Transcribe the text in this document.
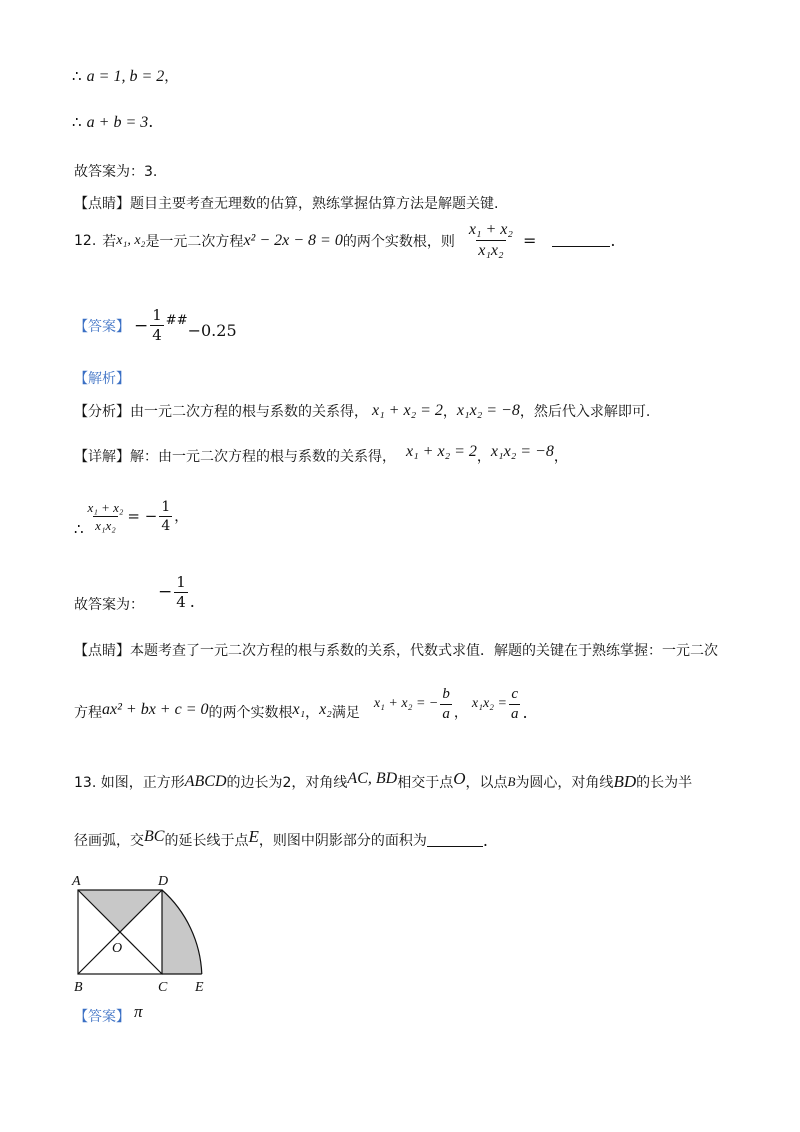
∴ a = 1, b = 2，
∴ a + b = 3.
故答案为：3.
【点睛】题目主要考查无理数的估算，熟练掌握估算方法是解题关键.
12. 若 x₁, x₂ 是一元二次方程 x² − 2x − 8 = 0 的两个实数根，则 $\frac{\text{x₁ + x₂}}{\text{x₁x₂}}$ =	.
【答案】 − $\frac{1}{4}$ ##
−0.25
【解析】
【分析】由一元二次方程的根与系数的关系得， x₁ + x₂ = 2 ， x₁x₂ = −8 ，然后代入求解即可.
【详解】解：由一元二次方程的根与系数的关系得， x₁ + x₂ = 2 ， x₁x₂ = −8 ，
∴ $\frac{\text{x₁ + x₂}}{\text{x₁x₂}}$ = − $\frac{1}{4}$ ，
故答案为：
− $\frac{1}{4}$ .
【点睛】本题考查了一元二次方程的根与系数的关系，代数式求值．解题的关键在于熟练掌握：一元二次
方程 ax² + bx + c = 0 的两个实数根 x₁ ， x₂ 满足
x₁ + x₂ = − $\frac{b}{a}$ ，
$x_1x_2 = \frac{c}{a}$ .
13. 如图，正方形 ABCD 的边长为2，对角线 AC, BD 相交于点 O ，以点 B 为圆心，对角线 BD 的长为半
径画弧，交 BC 的延长线于点 E ，则图中阴影部分的面积为	.
A	D
O
B	C E
【答案】 π
